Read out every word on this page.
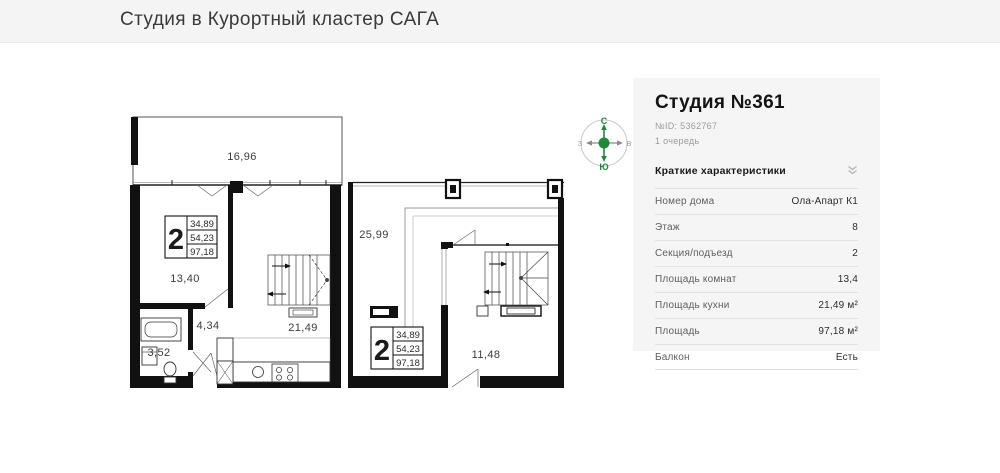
Студия в Курортный кластер САГА
16,96
13,40
4,34
3,52
21,49
2 34,89
54,23
97,18
25,99
11,48
2 34,89
54,23
97,18
С
Ю
З	В
Студия №361
№ID: 5362767
1 очередь
Краткие характеристики
Номер дома	Ола-Апарт К1
Этаж	8
Секция/подъезд	2
Площадь комнат	13,4
Площадь кухни	21,49 м²
Площадь	97,18 м²
Балкон	Есть
